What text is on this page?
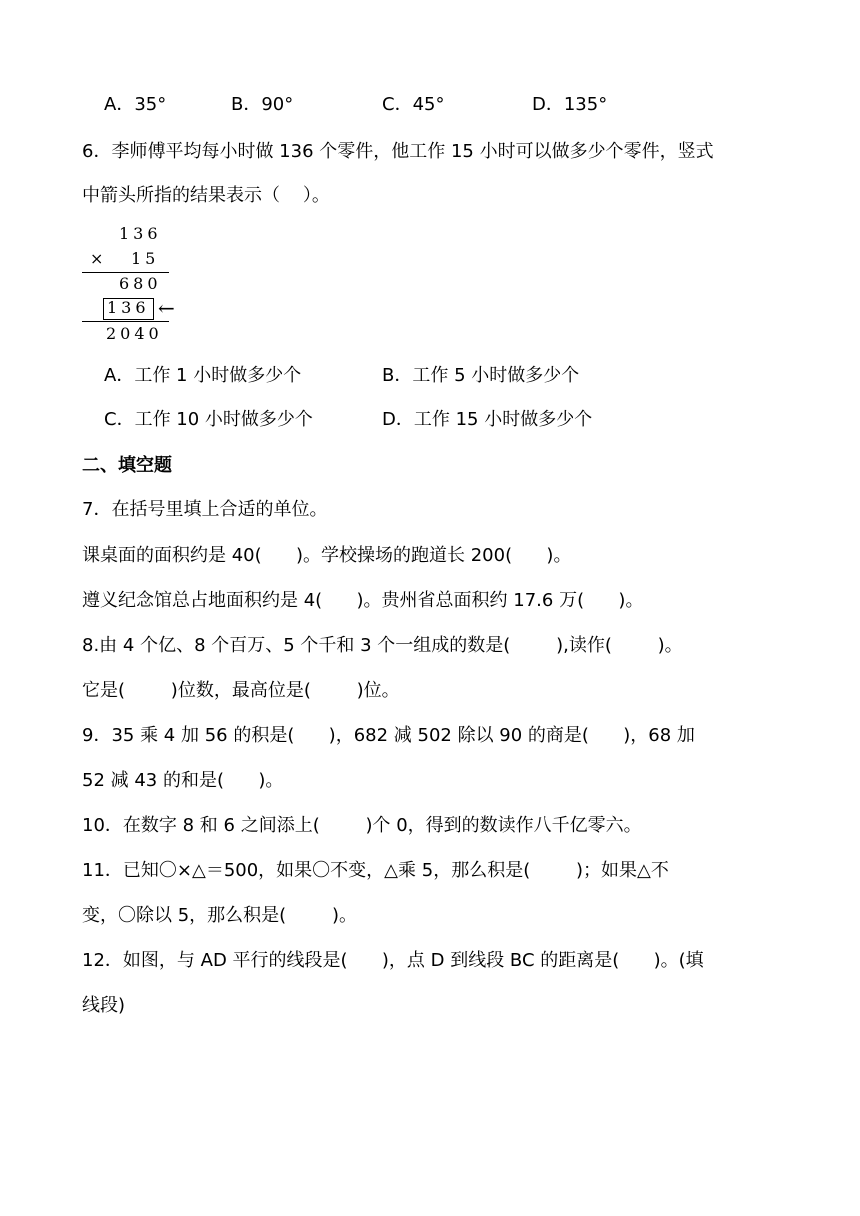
A．35°	B．90°	C．45°	D．135°
6．李师傅平均每小时做 136 个零件，他工作 15 小时可以做多少个零件，竖式
中箭头所指的结果表示（    ）。
136
× 15
680
136 ←
2040
A．工作 1 小时做多少个	B．工作 5 小时做多少个
C．工作 10 小时做多少个	D．工作 15 小时做多少个
二、填空题
7．在括号里填上合适的单位。
课桌面的面积约是 40(      )。学校操场的跑道长 200(      )。
遵义纪念馆总占地面积约是 4(      )。贵州省总面积约 17.6 万(      )。
8.由 4 个亿、8 个百万、5 个千和 3 个一组成的数是(        ),读作(        )。
它是(        )位数，最高位是(        )位。
9．35 乘 4 加 56 的积是(      )，682 减 502 除以 90 的商是(      )，68 加
52 减 43 的和是(      )。
10．在数字 8 和 6 之间添上(        )个 0，得到的数读作八千亿零六。
11．已知〇×△＝500，如果〇不变，△乘 5，那么积是(        )；如果△不
变，〇除以 5，那么积是(        )。
12．如图，与 AD 平行的线段是(      )，点 D 到线段 BC 的距离是(      )。(填
线段)
